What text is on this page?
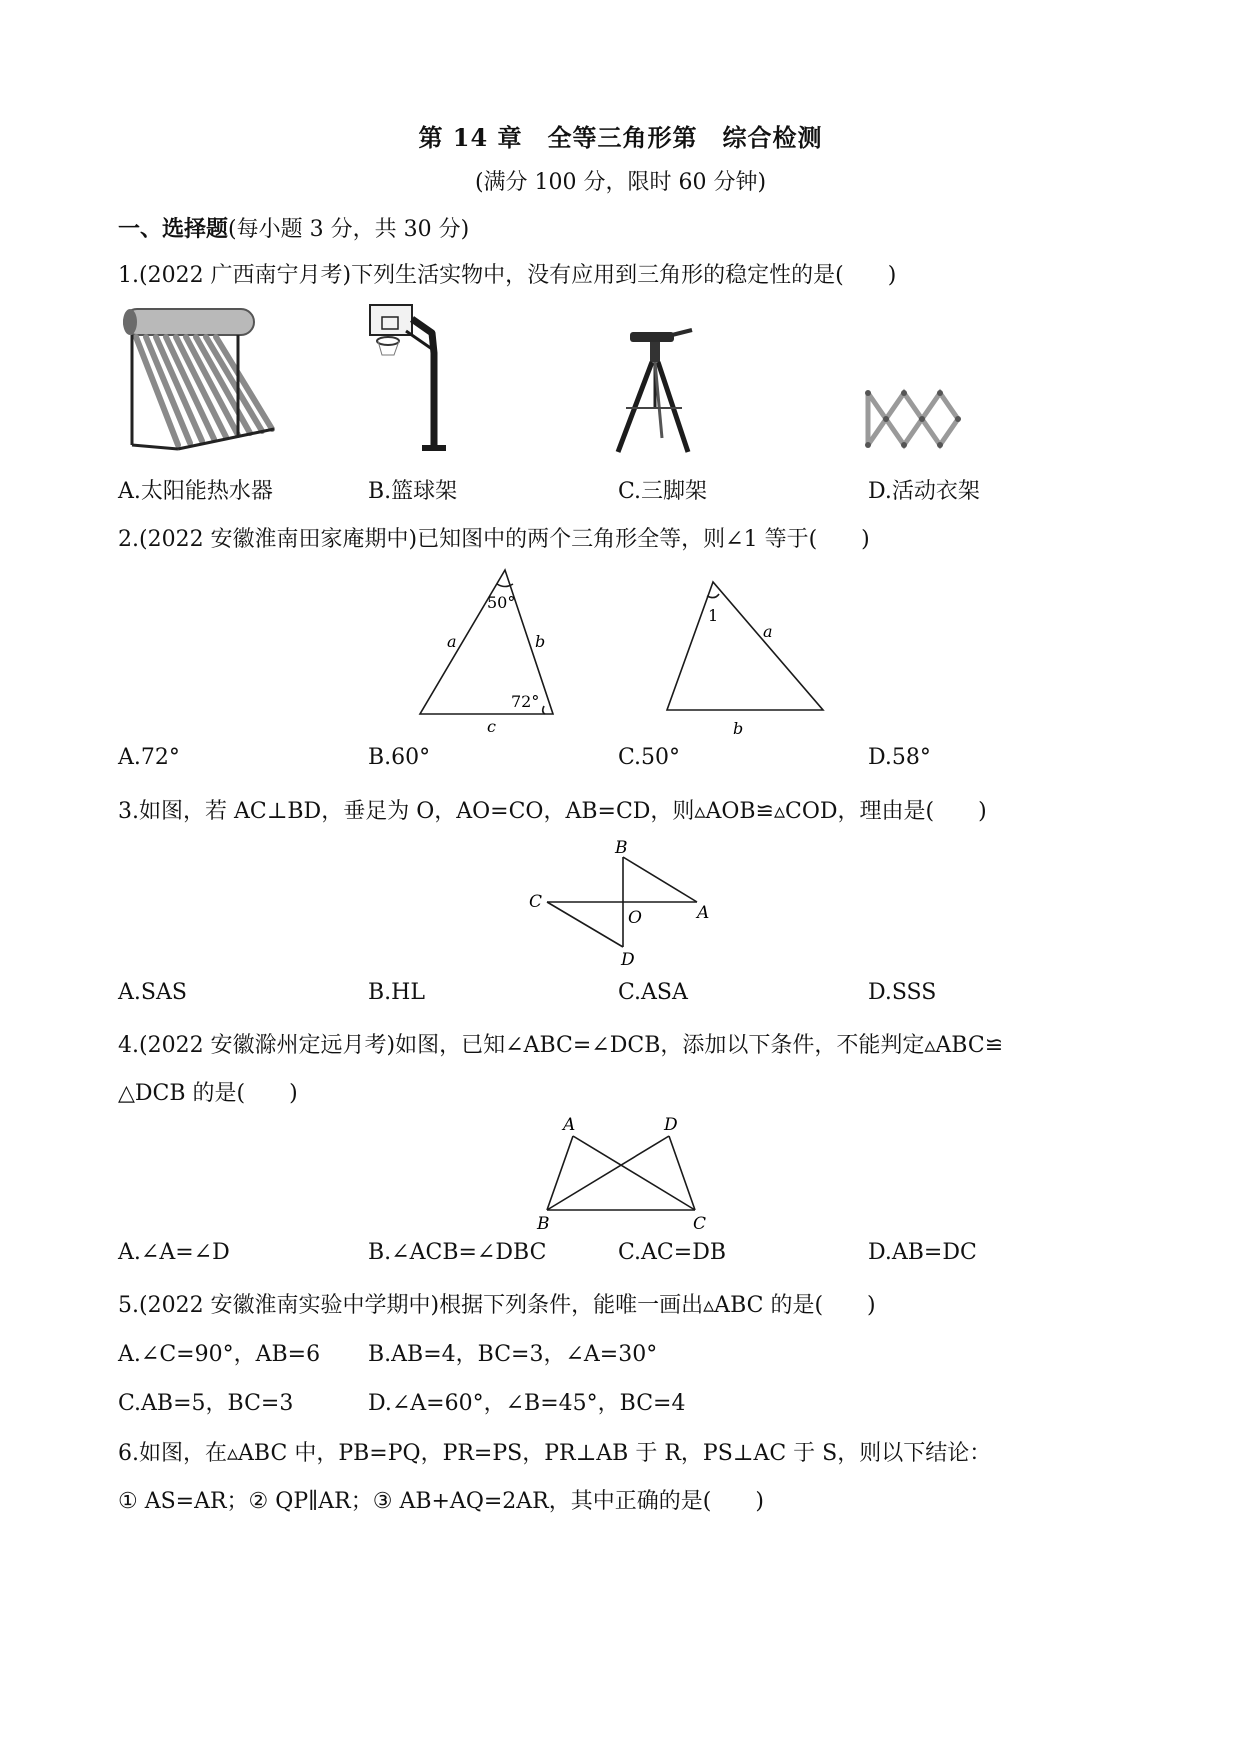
第 14 章　全等三角形第　综合检测
(满分 100 分，限时 60 分钟)
一、选择题(每小题 3 分，共 30 分)
1.(2022 广西南宁月考)下列生活实物中，没有应用到三角形的稳定性的是(　　)
A.太阳能热水器	B.篮球架	C.三脚架	D.活动衣架
2.(2022 安徽淮南田家庵期中)已知图中的两个三角形全等，则∠1 等于(　　)
50°
a	b
72°
c
1
a
b
A.72°	B.60°	C.50°	D.58°
3.如图，若 AC⊥BD，垂足为 O，AO=CO，AB=CD，则▵AOB≌▵COD，理由是(　　)
B
C
O	A
D
A.SAS	B.HL	C.ASA	D.SSS
4.(2022 安徽滁州定远月考)如图，已知∠ABC=∠DCB，添加以下条件，不能判定▵ABC≌
△DCB 的是(　　)
A	D
B	C
A.∠A=∠D	B.∠ACB=∠DBC	C.AC=DB	D.AB=DC
5.(2022 安徽淮南实验中学期中)根据下列条件，能唯一画出▵ABC 的是(　　)
A.∠C=90°，AB=6 B.AB=4，BC=3，∠A=30°
C.AB=5，BC=3	D.∠A=60°，∠B=45°，BC=4
6.如图，在▵ABC 中，PB=PQ，PR=PS，PR⊥AB 于 R，PS⊥AC 于 S，则以下结论：
① AS=AR；② QP∥AR；③ AB+AQ=2AR，其中正确的是(　　)
